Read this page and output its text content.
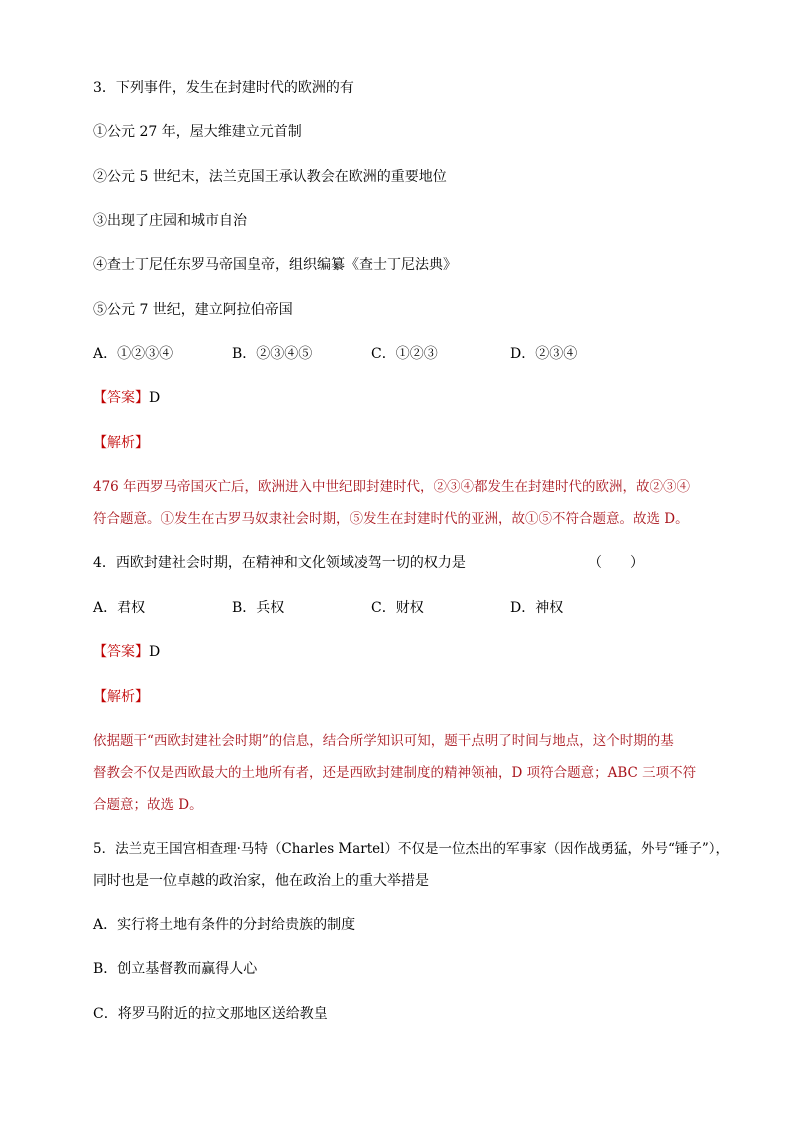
3．下列事件，发生在封建时代的欧洲的有
①公元 27 年，屋大维建立元首制
②公元 5 世纪末，法兰克国王承认教会在欧洲的重要地位
③出现了庄园和城市自治
④查士丁尼任东罗马帝国皇帝，组织编纂《查士丁尼法典》
⑤公元 7 世纪，建立阿拉伯帝国
A．①②③④	B．②③④⑤	C．①②③	D．②③④
【答案】D
【解析】
476 年西罗马帝国灭亡后，欧洲进入中世纪即封建时代，②③④都发生在封建时代的欧洲，故②③④
符合题意。①发生在古罗马奴隶社会时期，⑤发生在封建时代的亚洲，故①⑤不符合题意。故选 D。
4．西欧封建社会时期，在精神和文化领域凌驾一切的权力是	（　　）
A．君权	B．兵权	C．财权	D．神权
【答案】D
【解析】
依据题干“西欧封建社会时期”的信息，结合所学知识可知，题干点明了时间与地点，这个时期的基
督教会不仅是西欧最大的土地所有者，还是西欧封建制度的精神领袖，D 项符合题意；ABC 三项不符
合题意；故选 D。
5．法兰克王国宫相查理·马特（Charles Martel）不仅是一位杰出的军事家（因作战勇猛，外号“锤子”），
同时也是一位卓越的政治家，他在政治上的重大举措是
A．实行将土地有条件的分封给贵族的制度
B．创立基督教而赢得人心
C．将罗马附近的拉文那地区送给教皇
